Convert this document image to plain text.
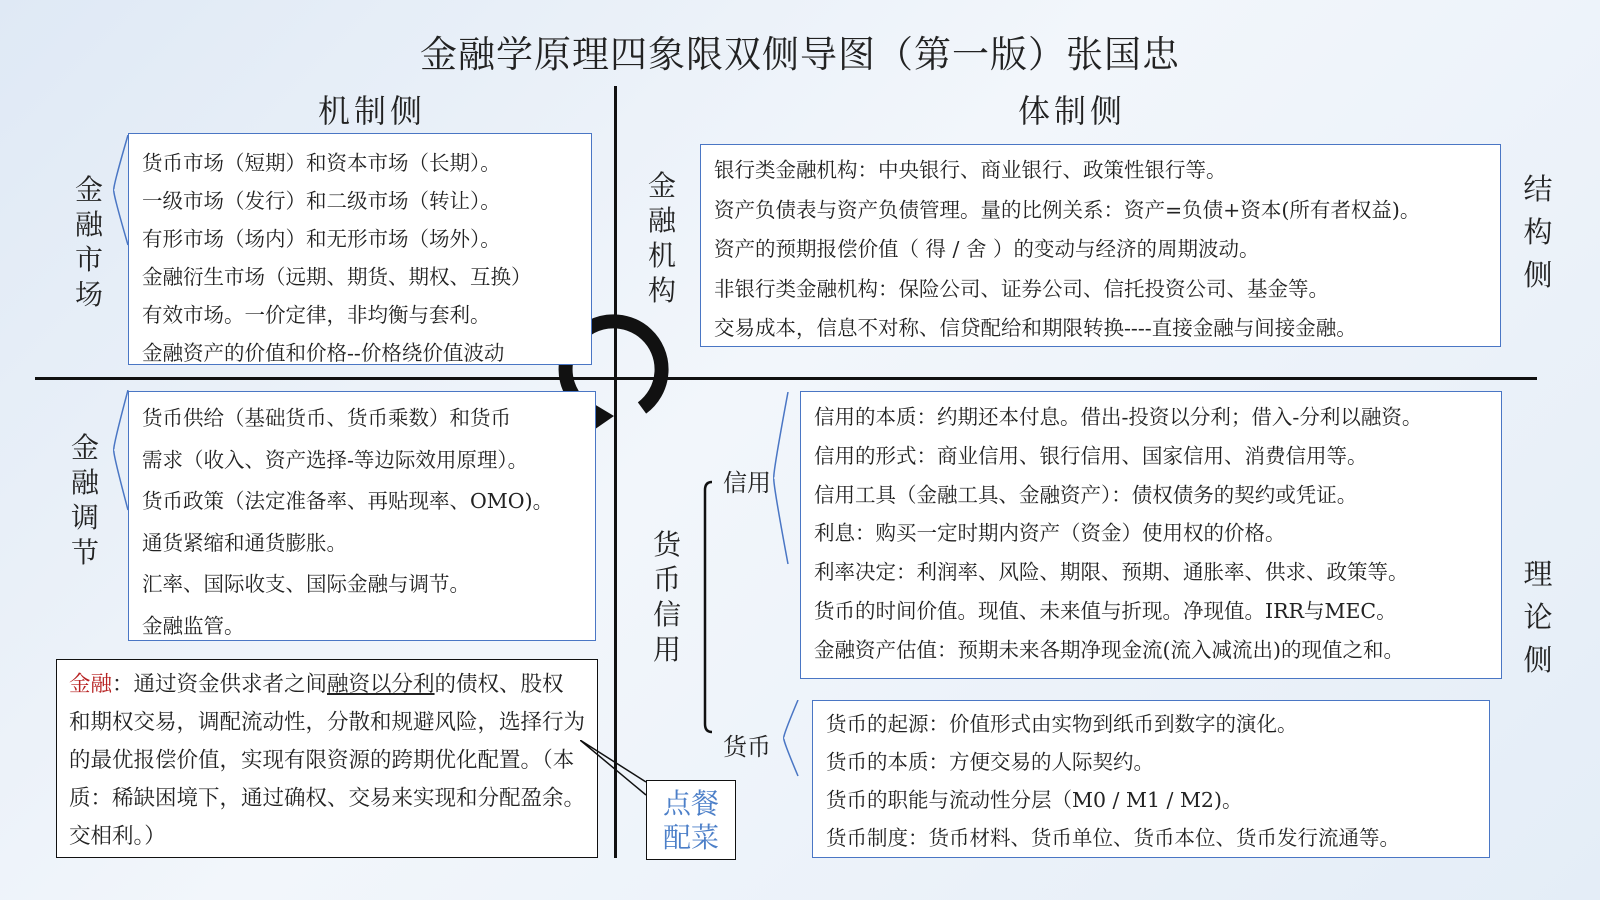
金融学原理四象限双侧导图（第一版）张国忠
机制侧	体制侧
金融市场
货币市场（短期）和资本市场（长期）。
一级市场（发行）和二级市场（转让）。
有形市场（场内）和无形市场（场外）。
金融衍生市场（远期、期货、期权、互换）
有效市场。一价定律，非均衡与套利。
金融资产的价值和价格--价格绕价值波动
金融机构
银行类金融机构：中央银行、商业银行、政策性银行等。
资产负债表与资产负债管理。量的比例关系：资产=负债+资本(所有者权益)。
资产的预期报偿价值（ 得 / 舍 ）的变动与经济的周期波动。
非银行类金融机构：保险公司、证券公司、信托投资公司、基金等。
交易成本，信息不对称、信贷配给和期限转换----直接金融与间接金融。
结构侧
理论侧
金融调节
货币供给（基础货币、货币乘数）和货币
需求（收入、资产选择-等边际效用原理）。
货币政策（法定准备率、再贴现率、OMO)。
通货紧缩和通货膨胀。
汇率、国际收支、国际金融与调节。
金融监管。
货币信用
信用
货币
信用的本质：约期还本付息。借出-投资以分利；借入-分利以融资。
信用的形式：商业信用、银行信用、国家信用、消费信用等。
信用工具（金融工具、金融资产）：债权债务的契约或凭证。
利息：购买一定时期内资产（资金）使用权的价格。
利率决定：利润率、风险、期限、预期、通胀率、供求、政策等。
货币的时间价值。现值、未来值与折现。净现值。IRR与MEC。
金融资产估值：预期未来各期净现金流(流入减流出)的现值之和。
货币的起源：价值形式由实物到纸币到数字的演化。
货币的本质：方便交易的人际契约。
货币的职能与流动性分层（M0 / M1 / M2)。
货币制度：货币材料、货币单位、货币本位、货币发行流通等。
金融：通过资金供求者之间融资以分利的债权、股权和期权交易，调配流动性，分散和规避风险，选择行为的最优报偿价值，实现有限资源的跨期优化配置。（本质：稀缺困境下，通过确权、交易来实现和分配盈余。交相利。）
点餐
配菜
